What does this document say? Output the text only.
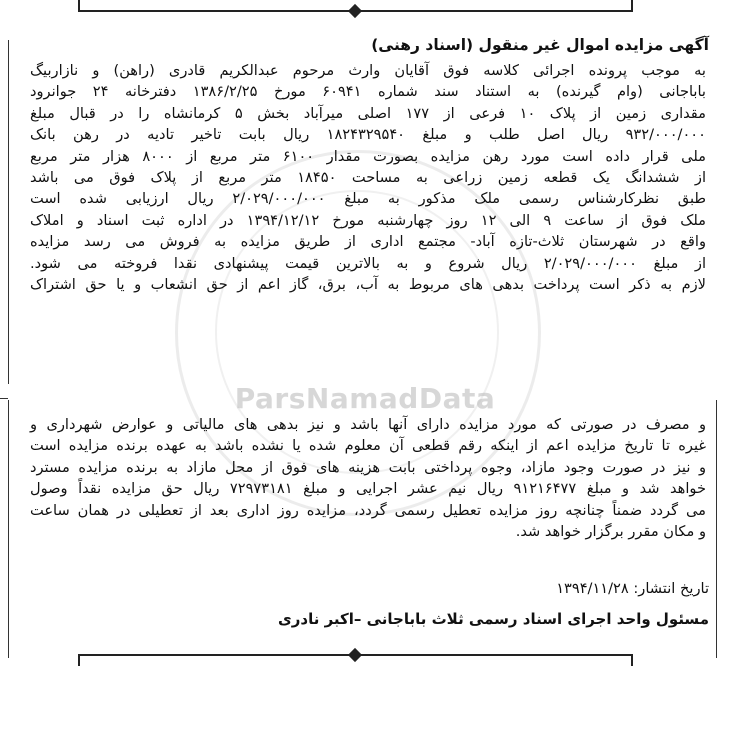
ParsNamadData
آگهی مزایده اموال غیر منقول (اسناد رهنی)
به موجب پرونده اجرائی کلاسه فوق آقایان وارث مرحوم عبدالکریم قادری (راهن) و نازاربیگ
باباجانی (وام گیرنده) به استناد سند شماره ۶۰۹۴۱ مورخ ۱۳۸۶/۲/۲۵ دفترخانه ۲۴ جوانرود
مقداری زمین از پلاک ۱۰ فرعی از ۱۷۷ اصلی میرآباد بخش ۵ کرمانشاه را در قبال مبلغ
۹۳۲/۰۰۰/۰۰۰ ریال اصل طلب و مبلغ ۱۸۲۴۳۲۹۵۴۰ ریال بابت تاخیر تادیه در رهن بانک
ملی قرار داده است مورد رهن مزایده بصورت مقدار ۶۱۰۰ متر مربع از ۸۰۰۰ هزار متر مربع
از ششدانگ یک قطعه زمین زراعی به مساحت ۱۸۴۵۰ متر مربع از پلاک فوق می باشد
طبق نظرکارشناس رسمی ملک مذکور به مبلغ ۲/۰۲۹/۰۰۰/۰۰۰ ریال ارزیابی شده است
ملک فوق از ساعت ۹ الی ۱۲ روز چهارشنبه مورخ ۱۳۹۴/۱۲/۱۲ در اداره ثبت اسناد و املاک
واقع در شهرستان ثلاث-تازه آباد- مجتمع اداری از طریق مزایده به فروش می رسد مزایده
از مبلغ ۲/۰۲۹/۰۰۰/۰۰۰ ریال شروع و به بالاترین قیمت پیشنهادی نقدا فروخته می شود.
لازم به ذکر است پرداخت بدهی های مربوط به آب، برق، گاز اعم از حق انشعاب و یا حق اشتراک
و مصرف در صورتی که مورد مزایده دارای آنها باشد و نیز بدهی های مالیاتی و عوارض شهرداری و
غیره تا تاریخ مزایده اعم از اینکه رقم قطعی آن معلوم شده یا نشده باشد به عهده برنده مزایده است
و نیز در صورت وجود مازاد، وجوه پرداختی بابت هزینه های فوق از محل مازاد به برنده مزایده مسترد
خواهد شد و مبلغ ۹۱۲۱۶۴۷۷ ریال نیم عشر اجرایی و مبلغ ۷۲۹۷۳۱۸۱ ریال حق مزایده نقداً وصول
می گردد ضمناً چنانچه روز مزایده تعطیل رسمی گردد، مزایده روز اداری بعد از تعطیلی در همان ساعت
و مکان مقرر برگزار خواهد شد.
تاریخ انتشار: ۱۳۹۴/۱۱/۲۸
مسئول واحد اجرای اسناد رسمی ثلاث باباجانی –اکبر نادری
